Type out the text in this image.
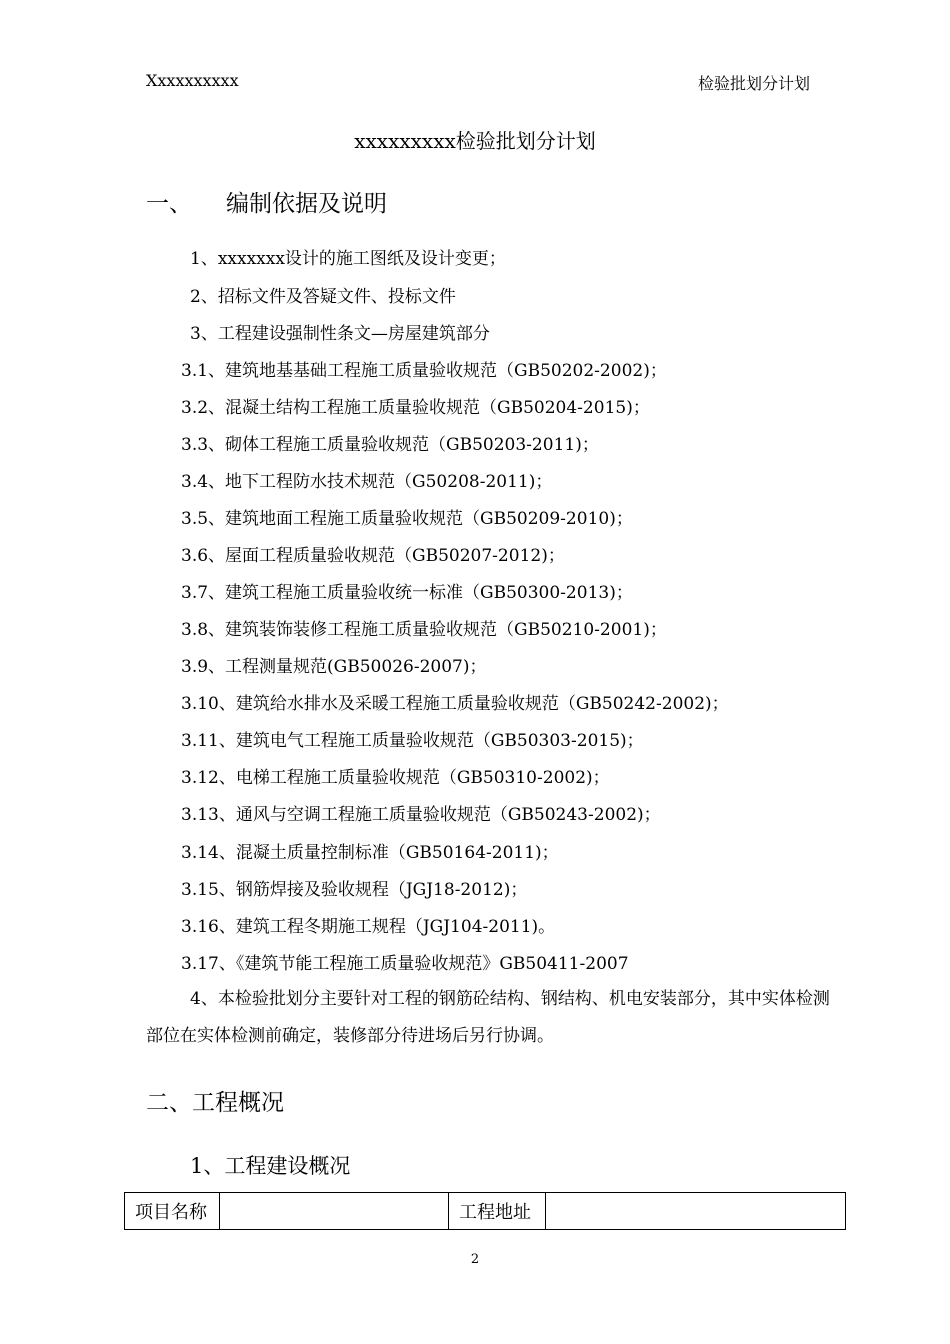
Xxxxxxxxxx	检验批划分计划
xxxxxxxxx检验批划分计划
一、 编制依据及说明
1、xxxxxxx设计的施工图纸及设计变更；
2、招标文件及答疑文件、投标文件
3、工程建设强制性条文—房屋建筑部分
3.1、建筑地基基础工程施工质量验收规范（GB50202-2002)；
3.2、混凝土结构工程施工质量验收规范（GB50204-2015)；
3.3、砌体工程施工质量验收规范（GB50203-2011)；
3.4、地下工程防水技术规范（G50208-2011)；
3.5、建筑地面工程施工质量验收规范（GB50209-2010)；
3.6、屋面工程质量验收规范（GB50207-2012)；
3.7、建筑工程施工质量验收统一标准（GB50300-2013)；
3.8、建筑装饰装修工程施工质量验收规范（GB50210-2001)；
3.9、工程测量规范(GB50026-2007)；
3.10、建筑给水排水及采暖工程施工质量验收规范（GB50242-2002)；
3.11、建筑电气工程施工质量验收规范（GB50303-2015)；
3.12、电梯工程施工质量验收规范（GB50310-2002)；
3.13、通风与空调工程施工质量验收规范（GB50243-2002)；
3.14、混凝土质量控制标准（GB50164-2011)；
3.15、钢筋焊接及验收规程（JGJ18-2012)；
3.16、建筑工程冬期施工规程（JGJ104-2011)。
3.17、《建筑节能工程施工质量验收规范》GB50411-2007
4、本检验批划分主要针对工程的钢筋砼结构、钢结构、机电安装部分，其中实体检测部位在实体检测前确定，装修部分待进场后另行协调。
二、工程概况
1、工程建设概况
项目名称		工程地址	
2
